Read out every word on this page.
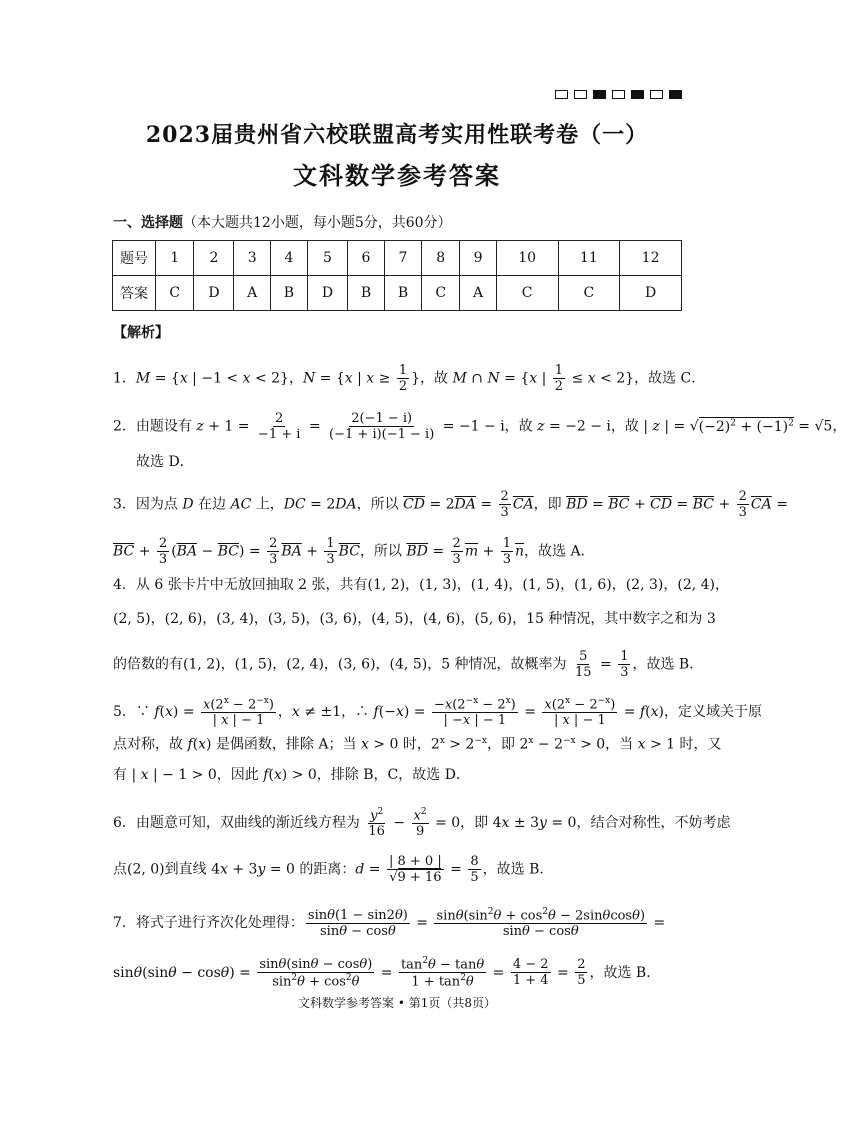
2023届贵州省六校联盟高考实用性联考卷（一）
文科数学参考答案
一、选择题（本大题共12小题，每小题5分，共60分）
题号	1	2	3	4	5	6	7	8	9	10	11	12
答案	C	D	A	B	D	B	B	C	A	C	C	D
【解析】
1．M = {x | −1 < x < 2}，N = {x | $x \ge \frac{1}{2}$ }，故 M ∩ N = {x | $\frac{1}{2} \le x < 2$}，故选 C．
2．由题设有 $z + 1 = \frac{2}{-1 + i} = \frac{2(-1 - i)}{(-1 + i)(-1 - i)} = -1 - i$，故 z = −2 − i，故 | z | = $√(-2)^2 + (-1)^2 = √5$，
故选 D．
3．因为点 D 在边 AC 上，DC = 2DA，所以 $\overline{CD} = 2\overline{DA} = \frac{2}{3} \overline{CA}$，即 $\overline{BD} = \overline{BC} + \overline{CD} = \overline{BC} + \frac{2}{3} \overline{CA}$ =
$\overline{BC} + \frac{2}{3} (\overline{BA} - \overline{BC}) = \frac{2}{3} \overline{BA} + \frac{1}{3} \overline{BC}$，所以 $\overline{BD} = \frac{2}{3} \overline{m} + \frac{1}{3} \overline{n}$，故选 A．
4．从 6 张卡片中无放回抽取 2 张，共有(1, 2)，(1, 3)，(1, 4)，(1, 5)，(1, 6)，(2, 3)，(2, 4)，
(2, 5)，(2, 6)，(3, 4)，(3, 5)，(3, 6)，(4, 5)，(4, 6)，(5, 6)，15 种情况，其中数字之和为 3
的倍数的有(1, 2)，(1, 5)，(2, 4)，(3, 6)，(4, 5)，5 种情况，故概率为 $\frac{5}{15} = \frac{1}{3}$ ，故选 B．
5．∵ $f(x) = \frac{x(2^x - 2^{-x})}{| x | - 1}$ ，x ≠ ±1，∴ $f(-x) = \frac{-x(2^{-x} - 2^x)}{| -x | - 1} = \frac{x(2^x - 2^{-x})}{| x | - 1} = f(x)$，定义域关于原
点对称，故 f(x) 是偶函数，排除 A；当 x > 0 时，$2^x > 2^{-x}$，即 $2^x - 2^{-x} > 0$，当 x > 1 时，又
有 | x | − 1 > 0，因此 f(x) > 0，排除 B，C，故选 D．
6．由题意可知，双曲线的渐近线方程为 $\frac{y^2}{16} - \frac{x^2}{9} = 0$，即 4x ± 3y = 0，结合对称性，不妨考虑
点(2, 0)到直线 4x + 3y = 0 的距离：$d = \frac{| 8 + 0 |}{√9 + 16} = \frac{8}{5}$ ，故选 B．
7．将式子进行齐次化处理得： $\frac{\sin\theta(1 - \sin 2\theta)}{\sin\theta - \cos\theta} = \frac{\sin\theta(\sin^2\theta + \cos^2\theta - 2\sin\theta\cos\theta)}{\sin\theta - \cos\theta}$ =
$\sin\theta(\sin\theta - \cos\theta) = \frac{\sin\theta(\sin\theta - \cos\theta)}{\sin^2\theta + \cos^2\theta} = \frac{\tan^2\theta - \tan\theta}{1 + \tan^2\theta} = \frac{4 - 2}{1 + 4} = \frac{2}{5}$ ，故选 B．
文科数学参考答案 • 第1页（共8页）
